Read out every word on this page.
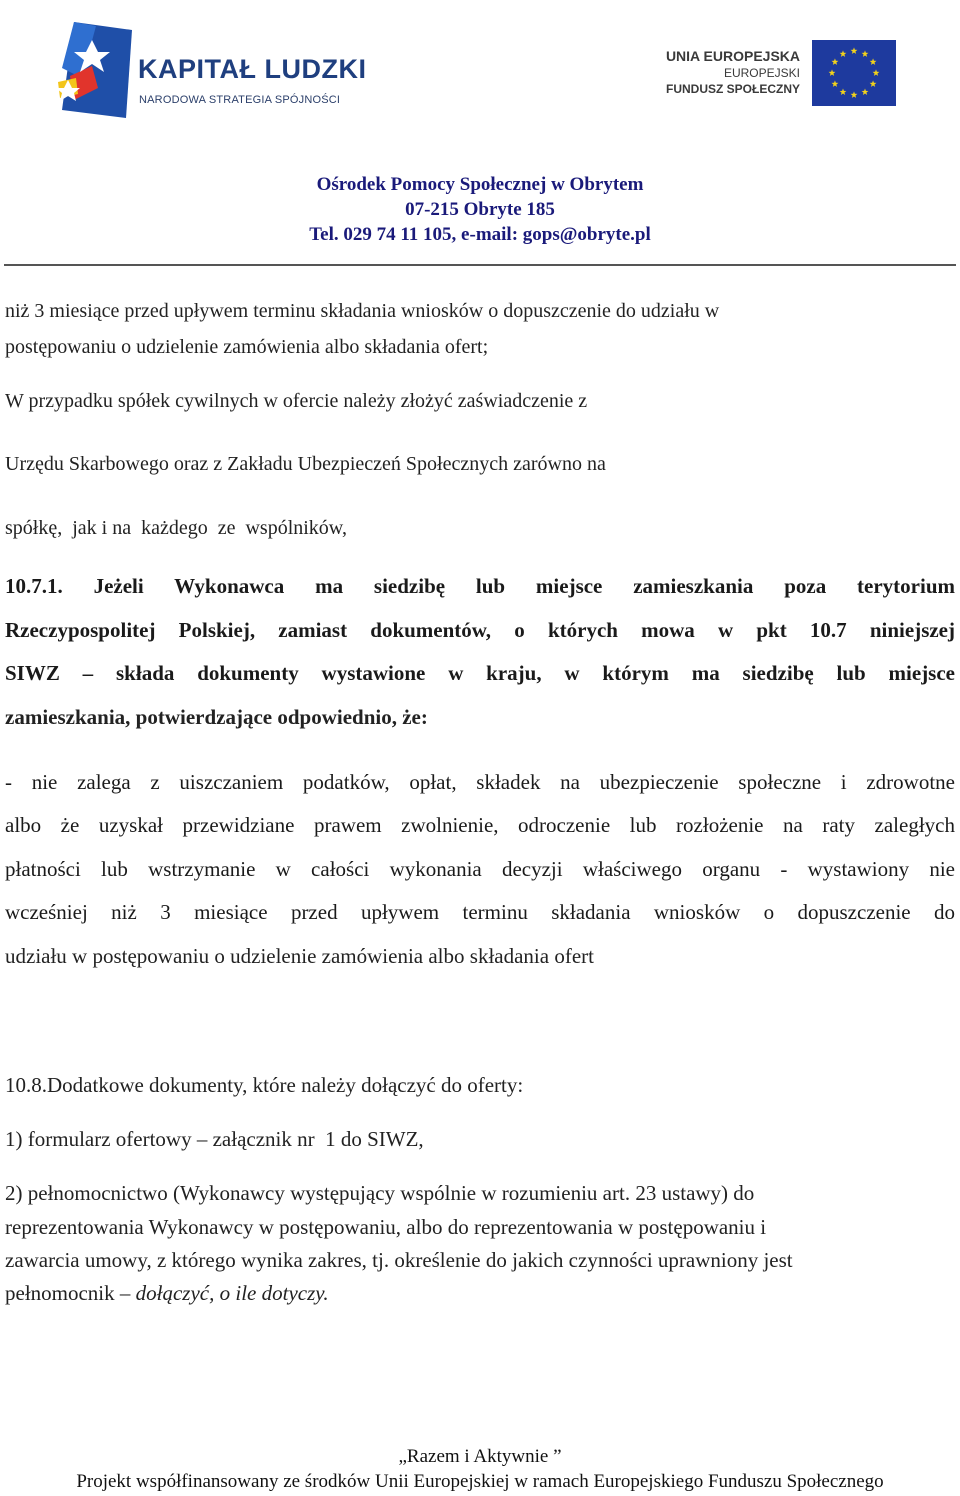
KAPITAŁ LUDZKI
NARODOWA STRATEGIA SPÓJNOŚCI
UNIA EUROPEJSKA
EUROPEJSKI
FUNDUSZ SPOŁECZNY
Ośrodek Pomocy Społecznej w Obrytem
07-215 Obryte 185
Tel. 029 74 11 105, e-mail: gops@obryte.pl
niż 3 miesiące przed upływem terminu składania wniosków o dopuszczenie do udziału w
postępowaniu o udzielenie zamówienia albo składania ofert;
W przypadku spółek cywilnych w ofercie należy złożyć zaświadczenie z
Urzędu Skarbowego oraz z Zakładu Ubezpieczeń Społecznych zarówno na
spółkę,  jak i na  każdego  ze  wspólników,
10.7.1. Jeżeli Wykonawca ma siedzibę lub miejsce zamieszkania poza terytorium
Rzeczypospolitej Polskiej, zamiast dokumentów, o których mowa w pkt 10.7 niniejszej
SIWZ – składa dokumenty wystawione w kraju, w którym ma siedzibę lub miejsce
zamieszkania, potwierdzające odpowiednio, że:
- nie zalega z uiszczaniem podatków, opłat, składek na ubezpieczenie społeczne i zdrowotne
albo że uzyskał przewidziane prawem zwolnienie, odroczenie lub rozłożenie na raty zaległych
płatności lub wstrzymanie w całości wykonania decyzji właściwego organu - wystawiony nie
wcześniej niż 3 miesiące przed upływem terminu składania wniosków o dopuszczenie do
udziału w postępowaniu o udzielenie zamówienia albo składania ofert
10.8.Dodatkowe dokumenty, które należy dołączyć do oferty:
1) formularz ofertowy – załącznik nr  1 do SIWZ,
2) pełnomocnictwo (Wykonawcy występujący wspólnie w rozumieniu art. 23 ustawy) do
reprezentowania Wykonawcy w postępowaniu, albo do reprezentowania w postępowaniu i
zawarcia umowy, z którego wynika zakres, tj. określenie do jakich czynności uprawniony jest
pełnomocnik – dołączyć, o ile dotyczy.
„Razem i Aktywnie ”
Projekt współfinansowany ze środków Unii Europejskiej w ramach Europejskiego Funduszu Społecznego
